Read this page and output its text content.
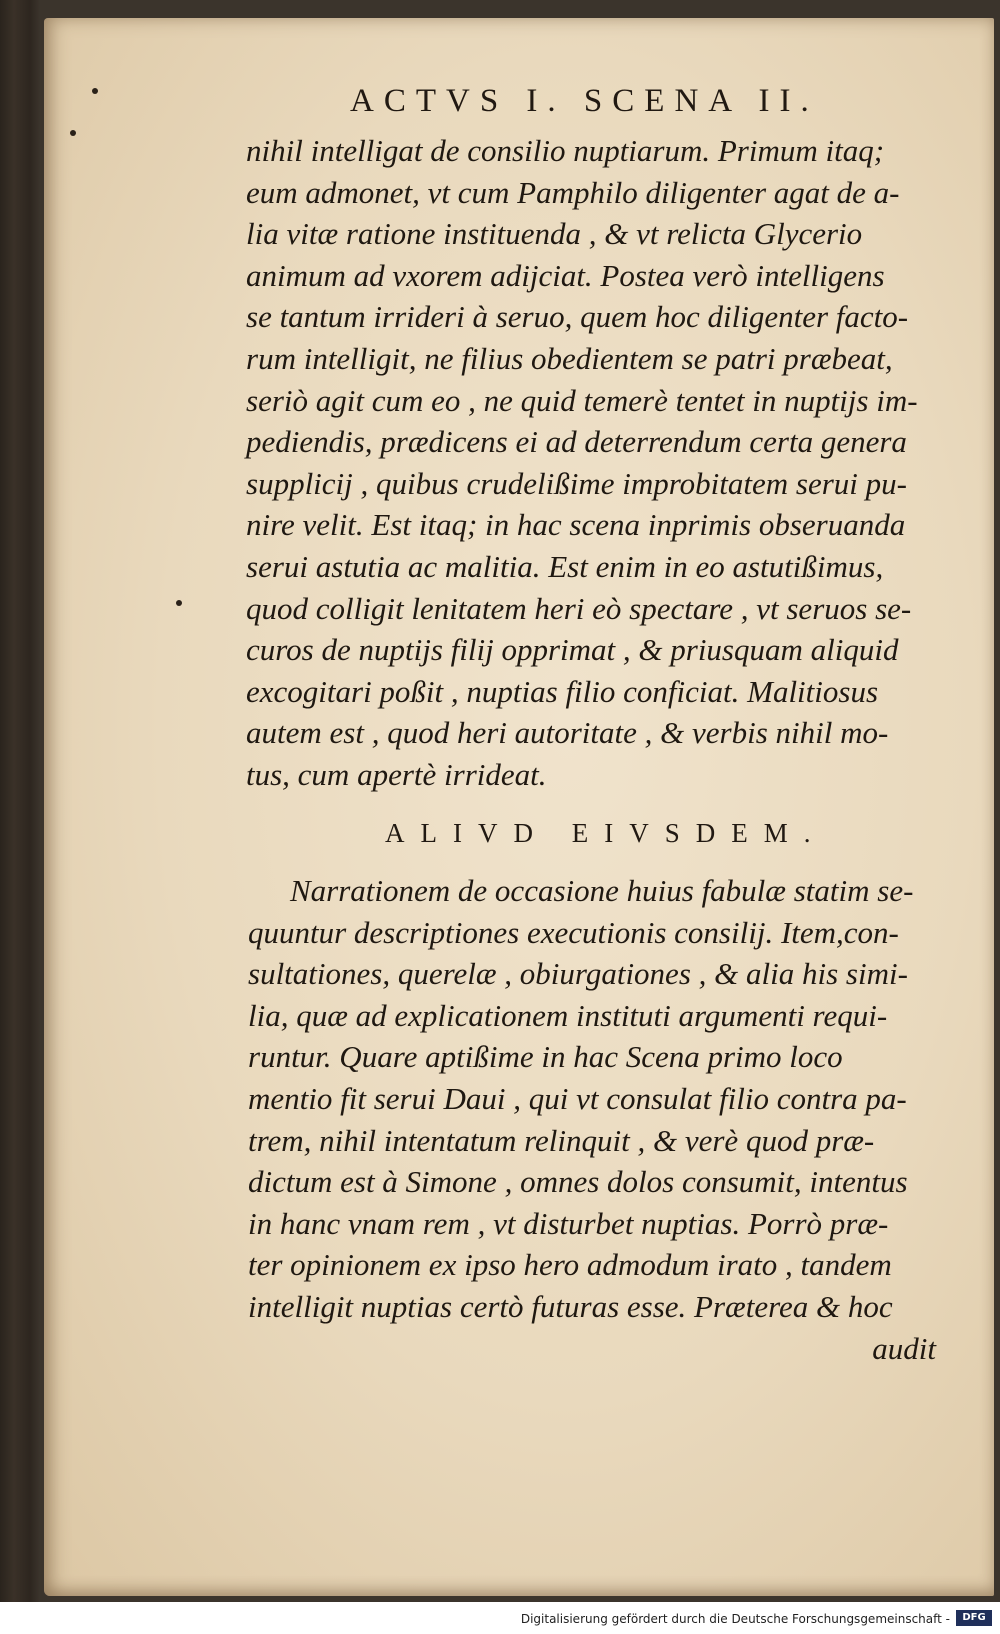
ACTVS I. SCENA II.
nihil intelligat de consilio nuptiarum. Primum itaq;
eum admonet, vt cum Pamphilo diligenter agat de a-
lia vitæ ratione instituenda , & vt relicta Glycerio
animum ad vxorem adijciat. Postea verò intelligens
se tantum irrideri à seruo, quem hoc diligenter facto-
rum intelligit, ne filius obedientem se patri præbeat,
seriò agit cum eo , ne quid temerè tentet in nuptijs im-
pediendis, prædicens ei ad deterrendum certa genera
supplicij , quibus crudelißime improbitatem serui pu-
nire velit. Est itaq; in hac scena inprimis obseruanda
serui astutia ac malitia. Est enim in eo astutißimus,
quod colligit lenitatem heri eò spectare , vt seruos se-
curos de nuptijs filij opprimat , & priusquam aliquid
excogitari poßit , nuptias filio conficiat. Malitiosus
autem est , quod heri autoritate , & verbis nihil mo-
tus, cum apertè irrideat.
ALIVD EIVSDEM.
Narrationem de occasione huius fabulæ statim se-
quuntur descriptiones executionis consilij. Item,con-
sultationes, querelæ , obiurgationes , & alia his simi-
lia, quæ ad explicationem instituti argumenti requi-
runtur. Quare aptißime in hac Scena primo loco
mentio fit serui Daui , qui vt consulat filio contra pa-
trem, nihil intentatum relinquit , & verè quod præ-
dictum est à Simone , omnes dolos consumit, intentus
in hanc vnam rem , vt disturbet nuptias. Porrò præ-
ter opinionem ex ipso hero admodum irato , tandem
intelligit nuptias certò futuras esse. Præterea & hoc
audit
Digitalisierung gefördert durch die Deutsche Forschungsgemeinschaft -	DFG
